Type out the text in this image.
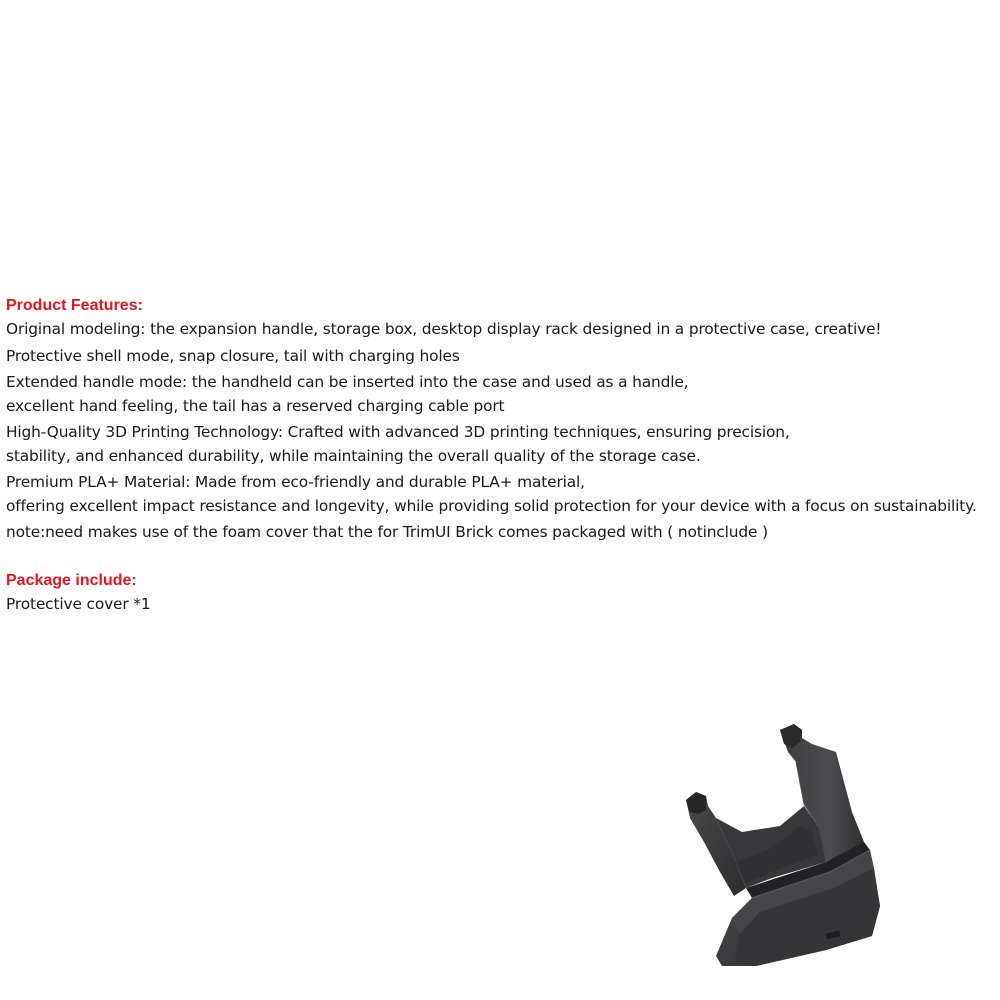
Product Features:
Original modeling: the expansion handle, storage box, desktop display rack designed in a protective case, creative!
Protective shell mode, snap closure, tail with charging holes
Extended handle mode: the handheld can be inserted into the case and used as a handle,
excellent hand feeling, the tail has a reserved charging cable port
High-Quality 3D Printing Technology: Crafted with advanced 3D printing techniques, ensuring precision,
stability, and enhanced durability, while maintaining the overall quality of the storage case.
Premium PLA+ Material: Made from eco-friendly and durable PLA+ material,
offering excellent impact resistance and longevity, while providing solid protection for your device with a focus on sustainability.
note:need makes use of the foam cover that the for TrimUI Brick comes packaged with ( notinclude )
Package include:
Protective cover *1
